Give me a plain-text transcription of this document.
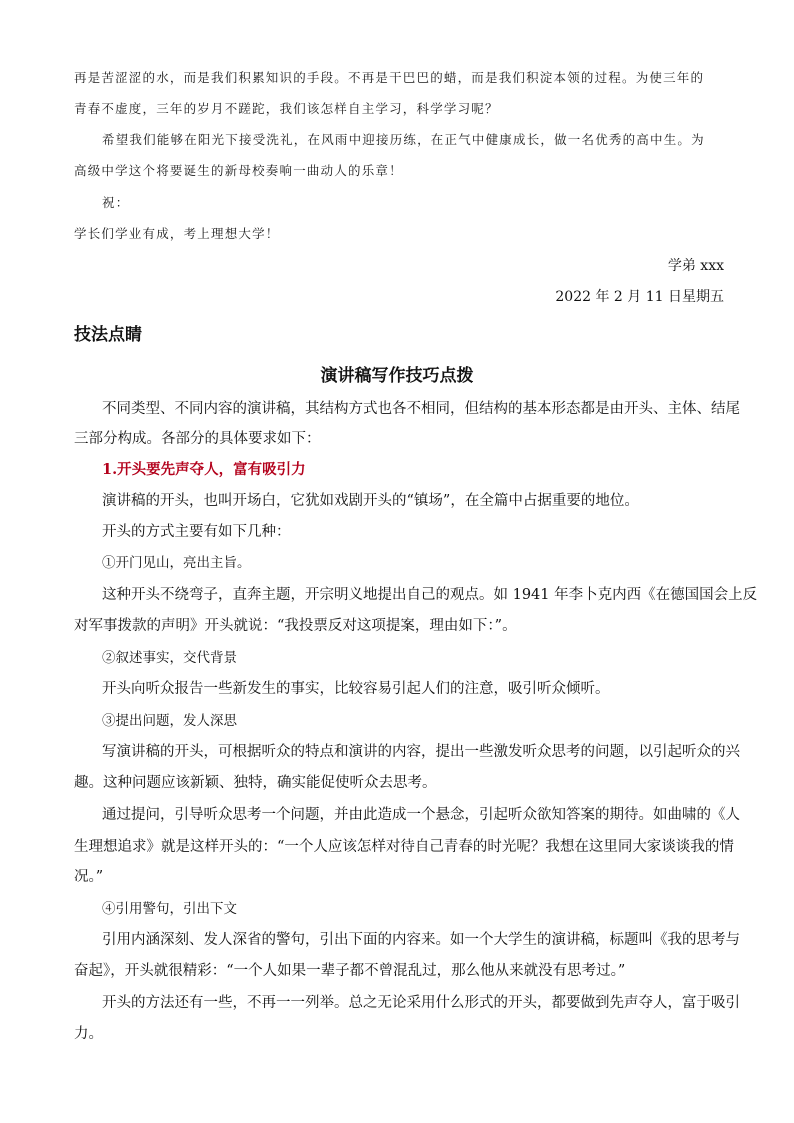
再是苦涩涩的水，而是我们积累知识的手段。不再是干巴巴的蜡，而是我们积淀本领的过程。为使三年的
青春不虚度，三年的岁月不蹉跎，我们该怎样自主学习，科学学习呢？
希望我们能够在阳光下接受洗礼，在风雨中迎接历练，在正气中健康成长，做一名优秀的高中生。为
高级中学这个将要诞生的新母校奏响一曲动人的乐章！
祝：
学长们学业有成，考上理想大学！
学弟 xxx
2022 年 2 月 11 日星期五
技法点睛
演讲稿写作技巧点拨
不同类型、不同内容的演讲稿，其结构方式也各不相同，但结构的基本形态都是由开头、主体、结尾
三部分构成。各部分的具体要求如下：
1.开头要先声夺人，富有吸引力
演讲稿的开头，也叫开场白，它犹如戏剧开头的“镇场”，在全篇中占据重要的地位。
开头的方式主要有如下几种：
①开门见山，亮出主旨。
这种开头不绕弯子，直奔主题，开宗明义地提出自己的观点。如 1941 年李卜克内西《在德国国会上反
对军事拨款的声明》开头就说：“我投票反对这项提案，理由如下：”。
②叙述事实，交代背景
开头向听众报告一些新发生的事实，比较容易引起人们的注意，吸引听众倾听。
③提出问题，发人深思
写演讲稿的开头，可根据听众的特点和演讲的内容，提出一些激发听众思考的问题，以引起听众的兴
趣。这种问题应该新颖、独特，确实能促使听众去思考。
通过提问，引导听众思考一个问题，并由此造成一个悬念，引起听众欲知答案的期待。如曲啸的《人
生理想追求》就是这样开头的：“一个人应该怎样对待自己青春的时光呢？我想在这里同大家谈谈我的情
况。”
④引用警句，引出下文
引用内涵深刻、发人深省的警句，引出下面的内容来。如一个大学生的演讲稿，标题叫《我的思考与
奋起》，开头就很精彩：“一个人如果一辈子都不曾混乱过，那么他从来就没有思考过。”
开头的方法还有一些，不再一一列举。总之无论采用什么形式的开头，都要做到先声夺人，富于吸引
力。
